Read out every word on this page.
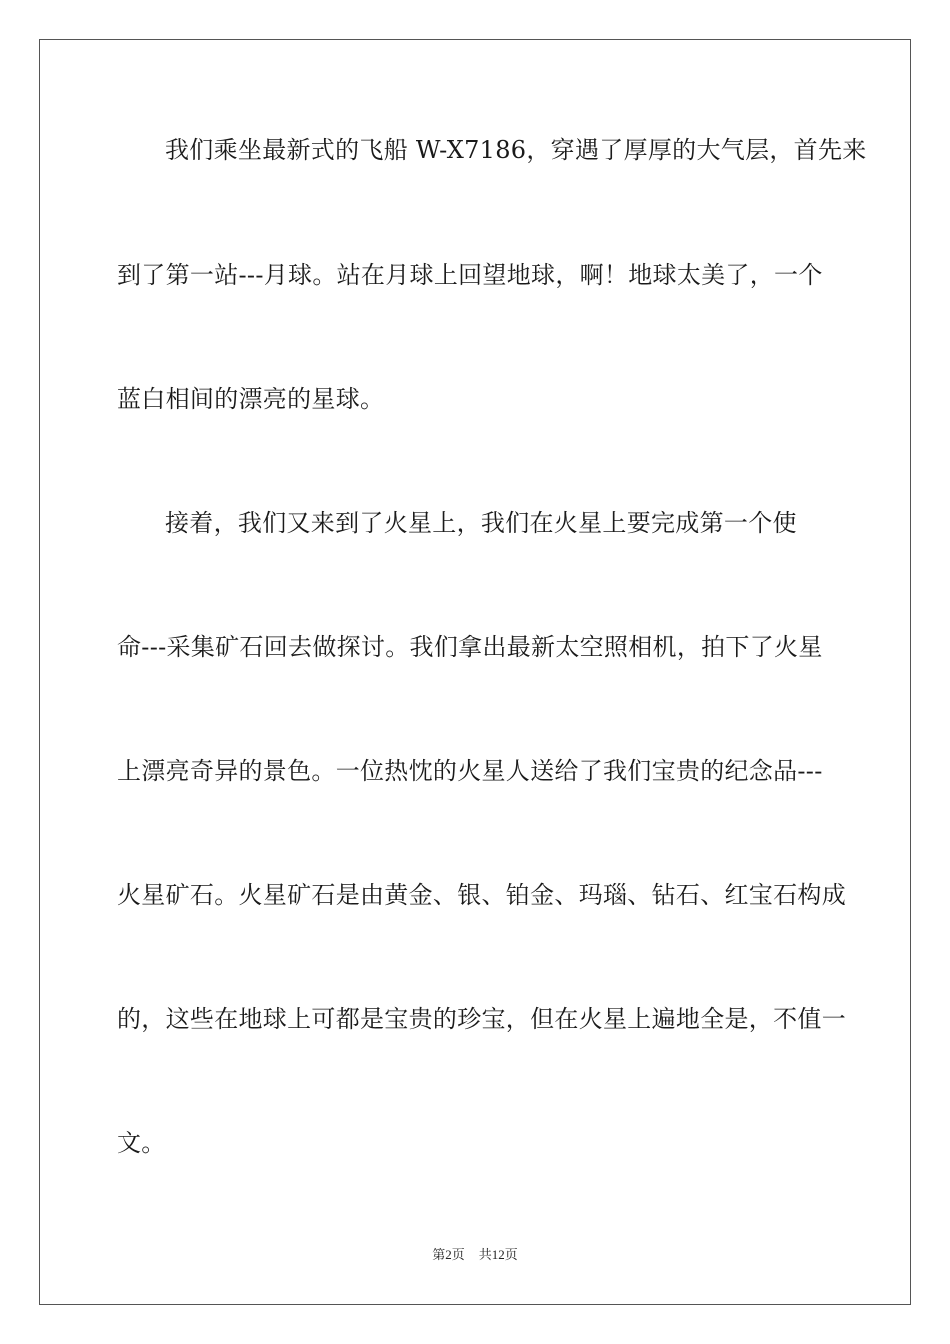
我们乘坐最新式的飞船 W-X7186，穿遇了厚厚的大气层，首先来
到了第一站---月球。站在月球上回望地球，啊！地球太美了，一个
蓝白相间的漂亮的星球。
接着，我们又来到了火星上，我们在火星上要完成第一个使
命---采集矿石回去做探讨。我们拿出最新太空照相机，拍下了火星
上漂亮奇异的景色。一位热忱的火星人送给了我们宝贵的纪念品---
火星矿石。火星矿石是由黄金、银、铂金、玛瑙、钻石、红宝石构成
的，这些在地球上可都是宝贵的珍宝，但在火星上遍地全是，不值一
文。
第2页 共12页
